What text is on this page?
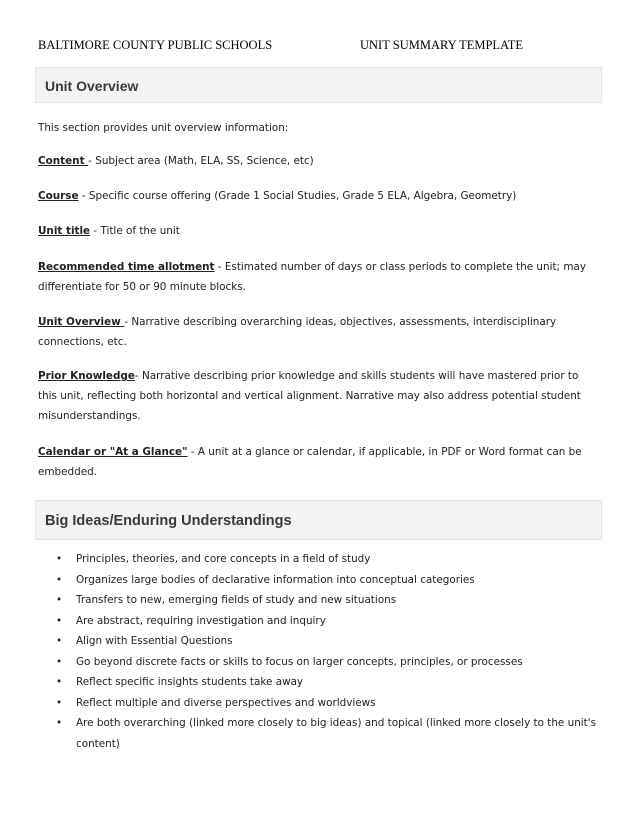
BALTIMORE COUNTY PUBLIC SCHOOLS	UNIT SUMMARY TEMPLATE
Unit Overview
This section provides unit overview information:
Content - Subject area (Math, ELA, SS, Science, etc)
Course - Specific course offering (Grade 1 Social Studies, Grade 5 ELA, Algebra, Geometry)
Unit title - Title of the unit
Recommended time allotment - Estimated number of days or class periods to complete the unit; may differentiate for 50 or 90 minute blocks.
Unit Overview - Narrative describing overarching ideas, objectives, assessments, interdisciplinary connections, etc.
Prior Knowledge- Narrative describing prior knowledge and skills students will have mastered prior to this unit, reflecting both horizontal and vertical alignment. Narrative may also address potential student misunderstandings.
Calendar or "At a Glance" - A unit at a glance or calendar, if applicable, in PDF or Word format can be embedded.
Big Ideas/Enduring Understandings
• Principles, theories, and core concepts in a field of study
• Organizes large bodies of declarative information into conceptual categories
• Transfers to new, emerging fields of study and new situations
• Are abstract, requiring investigation and inquiry
• Align with Essential Questions
• Go beyond discrete facts or skills to focus on larger concepts, principles, or processes
• Reflect specific insights students take away
• Reflect multiple and diverse perspectives and worldviews
• Are both overarching (linked more closely to big ideas) and topical (linked more closely to the unit's content)
